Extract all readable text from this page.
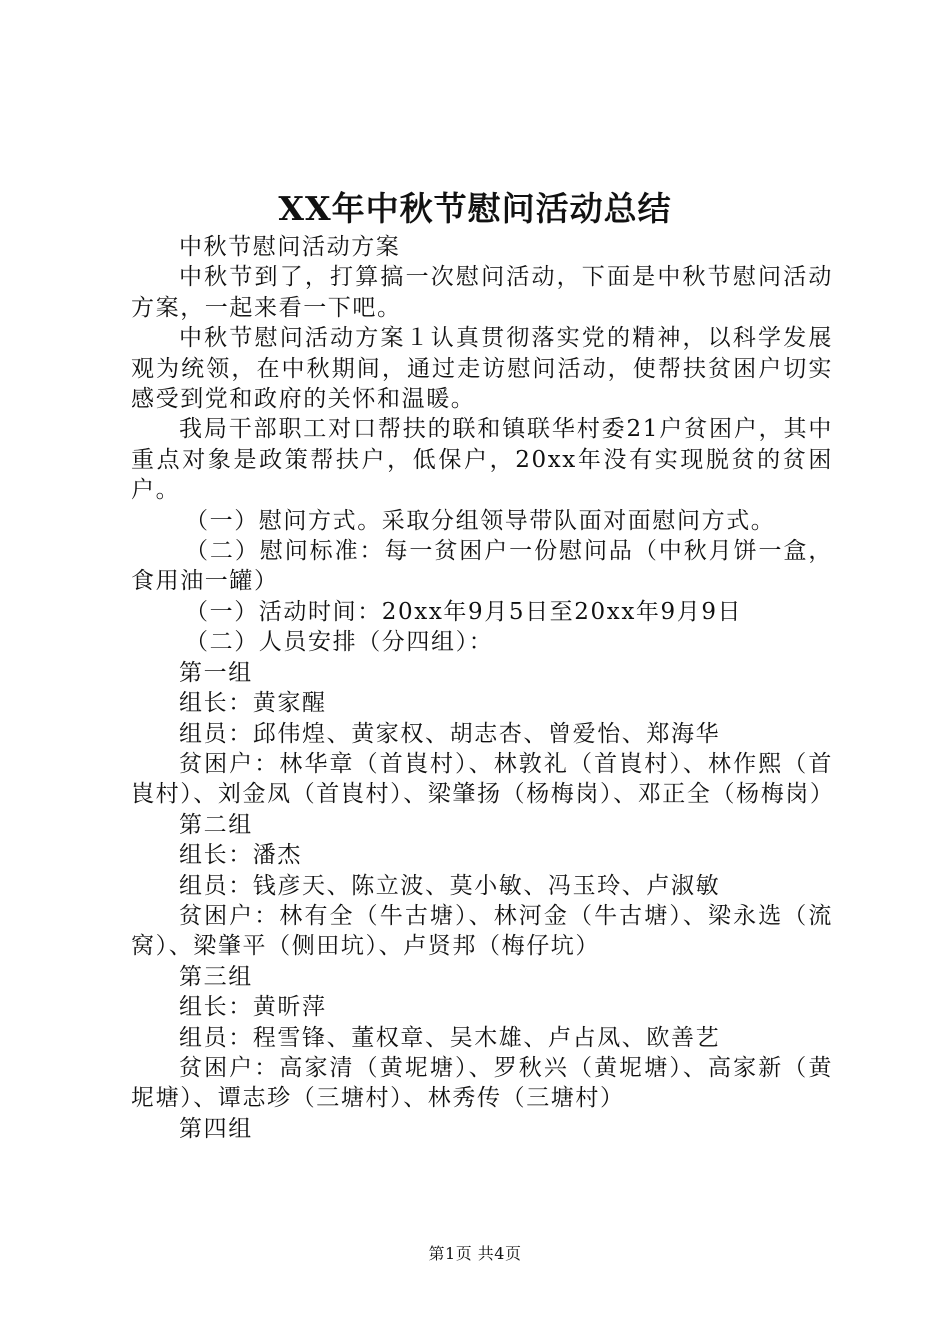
XX年中秋节慰问活动总结

中秋节慰问活动方案

中秋节到了，打算搞一次慰问活动，下面是中秋节慰问活动方案，一起来看一下吧。

中秋节慰问活动方案１认真贯彻落实党的精神，以科学发展观为统领，在中秋期间，通过走访慰问活动，使帮扶贫困户切实感受到党和政府的关怀和温暖。

我局干部职工对口帮扶的联和镇联华村委21户贫困户，其中重点对象是政策帮扶户，低保户，20xx年没有实现脱贫的贫困户。

（一）慰问方式。采取分组领导带队面对面慰问方式。

（二）慰问标准：每一贫困户一份慰问品（中秋月饼一盒，食用油一罐）

（一）活动时间：20xx年9月5日至20xx年9月9日

（二）人员安排（分四组）：

第一组

组长：黄家醒

组员：邱伟煌、黄家权、胡志杏、曾爱怡、郑海华

贫困户：林华章（首崀村）、林敦礼（首崀村）、林作熙（首崀村）、刘金凤（首崀村）、梁肇扬（杨梅岗）、邓正全（杨梅岗）

第二组

组长：潘杰

组员：钱彦天、陈立波、莫小敏、冯玉玲、卢淑敏

贫困户：林有全（牛古塘）、林河金（牛古塘）、梁永选（流窝）、梁肇平（侧田坑）、卢贤邦（梅仔坑）

第三组

组长：黄昕萍

组员：程雪锋、董权章、吴木雄、卢占凤、欧善艺

贫困户：高家清（黄坭塘）、罗秋兴（黄坭塘）、高家新（黄坭塘）、谭志珍（三塘村）、林秀传（三塘村）

第四组

第1页 共4页
